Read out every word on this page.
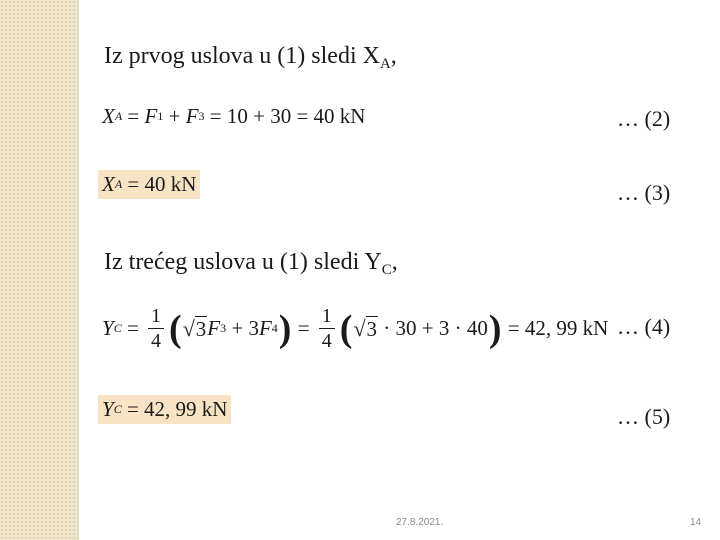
Iz prvog uslova u (1) sledi $X_A$,
X A = F 1 + F 3 = 10 + 30 = 40 kN	… (2)
X A = 40 kN	… (3)
Iz trećeg uslova u (1) sledi $Y_C$,
Y $C = \frac{1}{4}$ ( √ 3 F 3 + 3 F 4 ) = $\frac{1}{4}$ ( √ 3 · 30 + 3 · 40 ) = 42, 99 kN … (4)
Y C = 42, 99 kN	… (5)
27.8.2021.	14
